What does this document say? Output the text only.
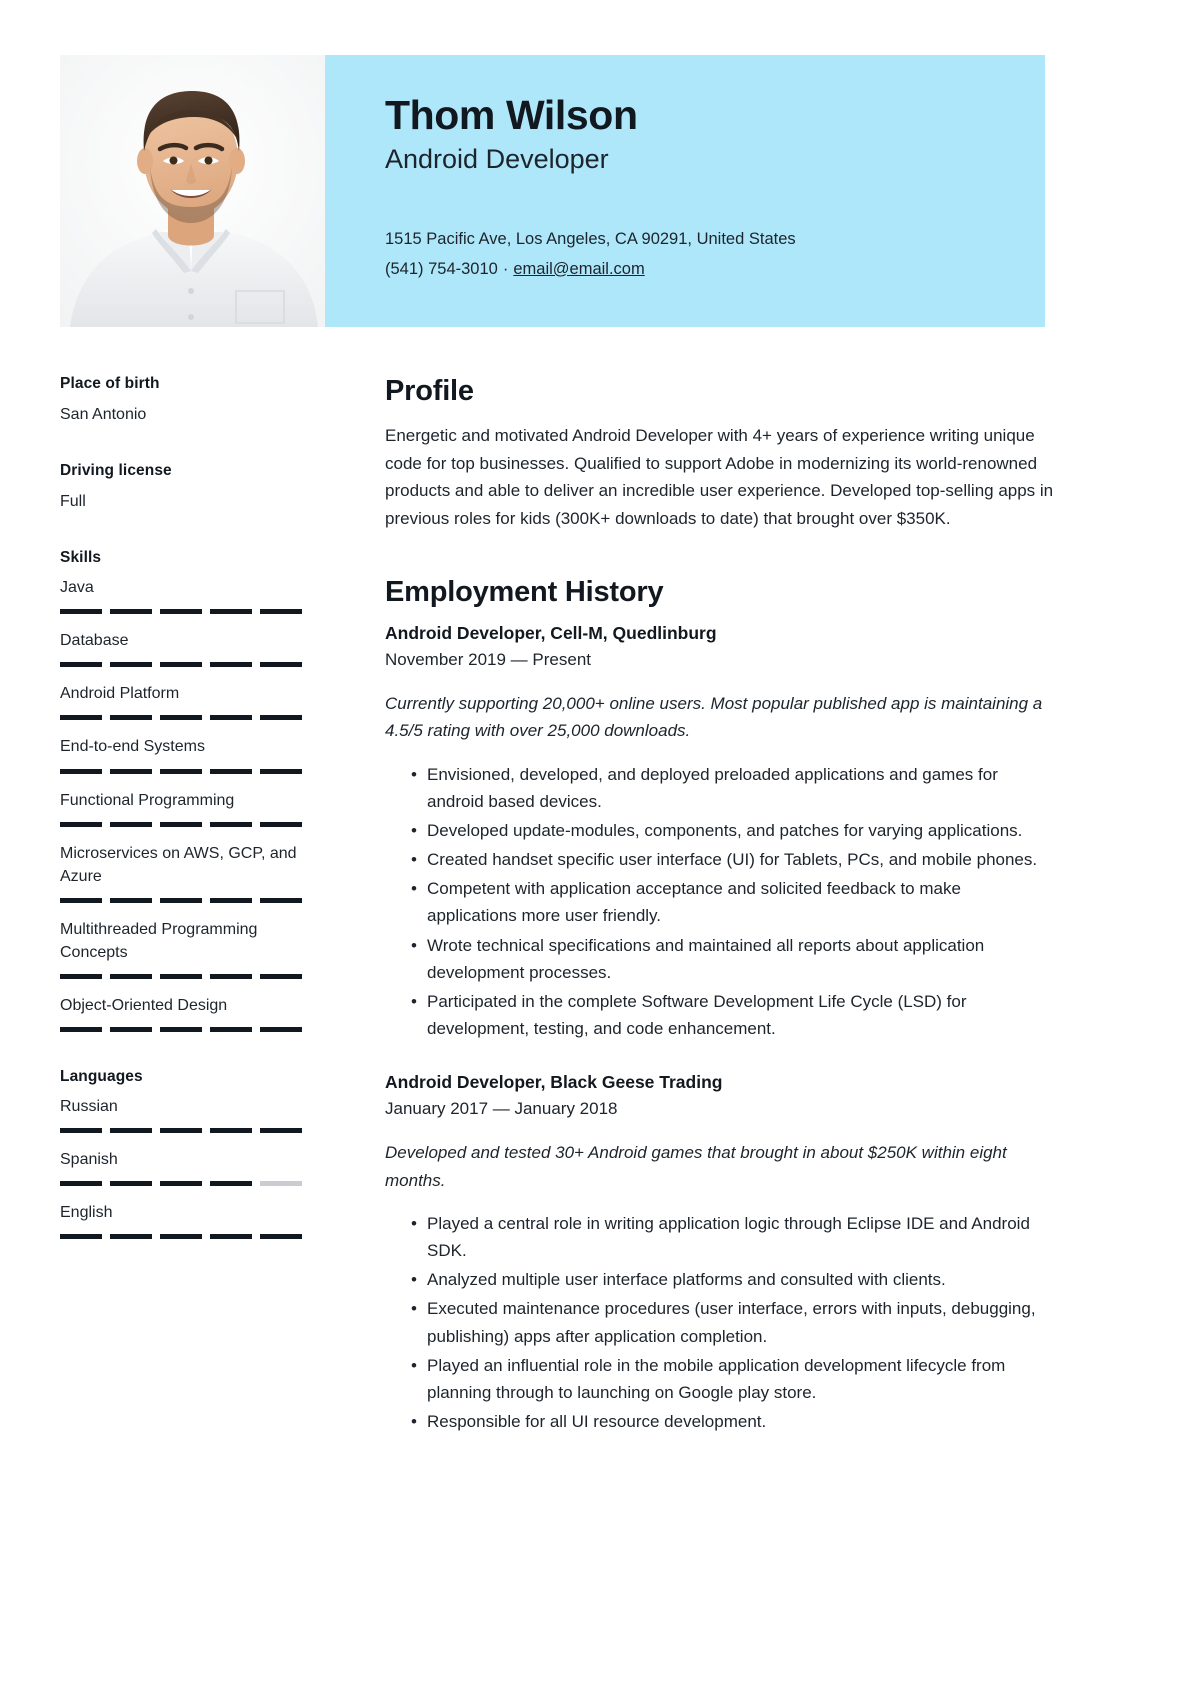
Thom Wilson
Android Developer
1515 Pacific Ave, Los Angeles, CA 90291, United States
(541) 754-3010 · email@email.com
Place of birth
San Antonio
Driving license
Full
Skills
Java
Database
Android Platform
End-to-end Systems
Functional Programming
Microservices on AWS, GCP, and Azure
Multithreaded Programming Concepts
Object-Oriented Design
Languages
Russian
Spanish
English
Profile
Energetic and motivated Android Developer with 4+ years of experience writing unique code for top businesses. Qualified to support Adobe in modernizing its world-renowned products and able to deliver an incredible user experience. Developed top-selling apps in previous roles for kids (300K+ downloads to date) that brought over $350K.
Employment History
Android Developer, Cell-M, Quedlinburg
November 2019 — Present
Currently supporting 20,000+ online users. Most popular published app is maintaining a 4.5/5 rating with over 25,000 downloads.
• Envisioned, developed, and deployed preloaded applications and games for android based devices.
• Developed update-modules, components, and patches for varying applications.
• Created handset specific user interface (UI) for Tablets, PCs, and mobile phones.
• Competent with application acceptance and solicited feedback to make applications more user friendly.
• Wrote technical specifications and maintained all reports about application development processes.
• Participated in the complete Software Development Life Cycle (LSD) for development, testing, and code enhancement.
Android Developer, Black Geese Trading
January 2017 — January 2018
Developed and tested 30+ Android games that brought in about $250K within eight months.
• Played a central role in writing application logic through Eclipse IDE and Android SDK.
• Analyzed multiple user interface platforms and consulted with clients.
• Executed maintenance procedures (user interface, errors with inputs, debugging, publishing) apps after application completion.
• Played an influential role in the mobile application development lifecycle from planning through to launching on Google play store.
• Responsible for all UI resource development.
